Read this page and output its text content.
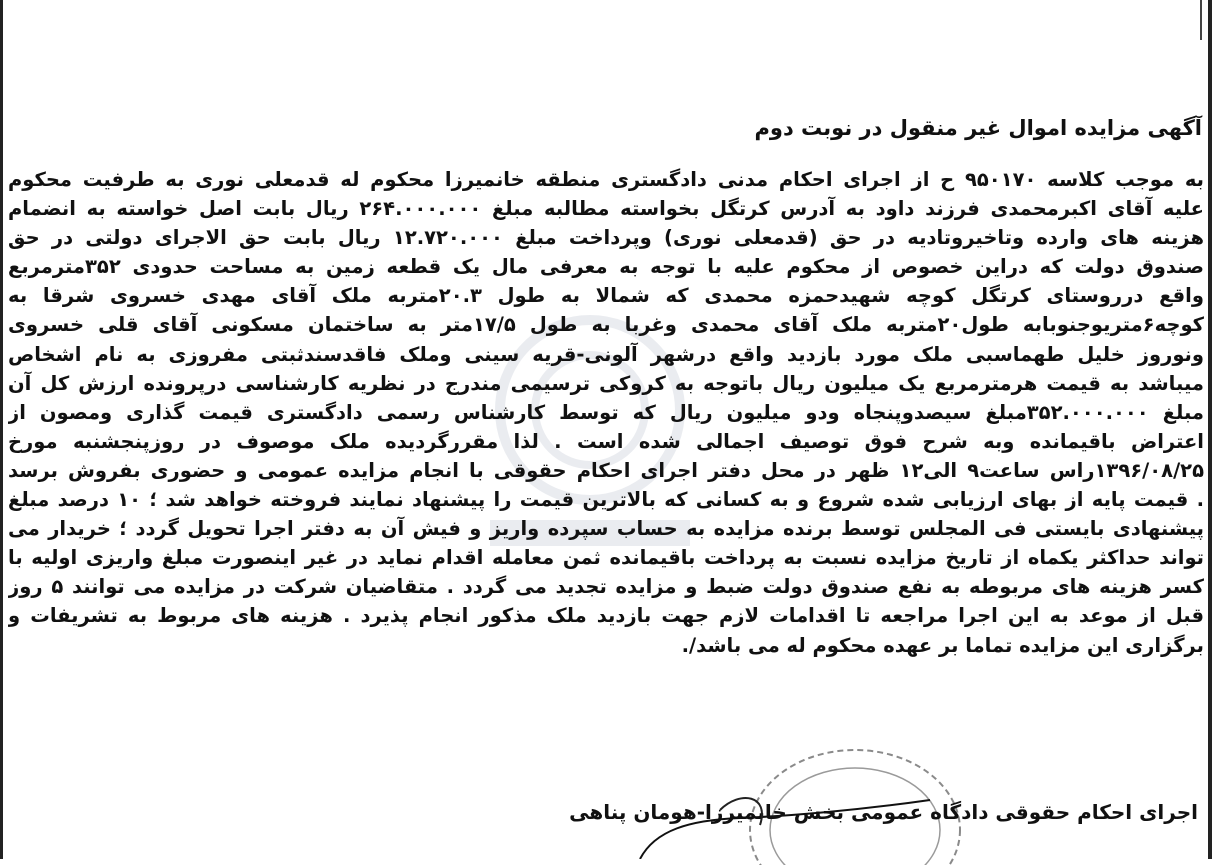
آگهی مزایده اموال غیر منقول در نوبت دوم
به موجب کلاسه ۹۵۰۱۷۰ ح از اجرای احکام مدنی دادگستری منطقه خانمیرزا محکوم له قدمعلی نوری به طرفیت محکوم
علیه آقای اکبرمحمدی فرزند داود به آدرس کرتگل بخواسته مطالبه مبلغ ۲۶۴.۰۰۰.۰۰۰ ریال بابت اصل خواسته به انضمام
هزینه های وارده وتاخیروتادیه در حق (قدمعلی نوری) وپرداخت مبلغ ۱۲.۷۲۰.۰۰۰ ریال بابت حق الاجرای دولتی در حق
صندوق دولت که دراین خصوص از محکوم علیه با توجه به معرفی مال یک قطعه زمین به مساحت حدودی ۳۵۲مترمربع
واقع درروستای کرتگل کوچه شهیدحمزه محمدی که شمالا به طول ۲۰.۳متربه ملک آقای مهدی خسروی شرقا به
کوچه۶متریوجنوبابه طول۲۰متربه ملک آقای محمدی وغربا به طول ۱۷/۵متر به ساختمان مسکونی آقای قلی خسروی
ونوروز خلیل طهماسبی ملک مورد بازدید واقع درشهر آلونی-قریه سینی وملک فاقدسندثبتی مفروزی به نام اشخاص
میباشد به قیمت هرمترمربع یک میلیون ریال باتوجه به کروکی ترسیمی مندرج در نظریه کارشناسی درپرونده ارزش کل آن
مبلغ ۳۵۲.۰۰۰.۰۰۰مبلغ سیصدوپنجاه ودو میلیون ریال که توسط کارشناس رسمی دادگستری قیمت گذاری ومصون از
اعتراض باقیمانده وبه شرح فوق توصیف اجمالی شده است . لذا مقررگردیده ملک موصوف در روزپنجشنبه مورخ
۱۳۹۶/۰۸/۲۵راس ساعت۹ الی۱۲ ظهر در محل دفتر اجرای احکام حقوقی با انجام مزایده عمومی و حضوری بفروش برسد
. قیمت پایه از بهای ارزیابی شده شروع و به کسانی که بالاترین قیمت را پیشنهاد نمایند فروخته خواهد شد ؛ ۱۰ درصد مبلغ
پیشنهادی بایستی فی المجلس توسط برنده مزایده به حساب سپرده واریز و فیش آن به دفتر اجرا تحویل گردد ؛ خریدار می
تواند حداکثر یکماه از تاریخ مزایده نسبت به پرداخت باقیمانده ثمن معامله اقدام نماید در غیر اینصورت مبلغ واریزی اولیه با
کسر هزینه های مربوطه به نفع صندوق دولت ضبط و مزایده تجدید می گردد . متقاضیان شرکت در مزایده می توانند ۵ روز
قبل از موعد به این اجرا مراجعه تا اقدامات لازم جهت بازدید ملک مذکور انجام پذیرد . هزینه های مربوط به تشریفات و
برگزاری این مزایده تماما بر عهده محکوم له می باشد/.
اجرای احکام حقوقی دادگاه عمومی بخش خانمیرزا-هومان پناهی
